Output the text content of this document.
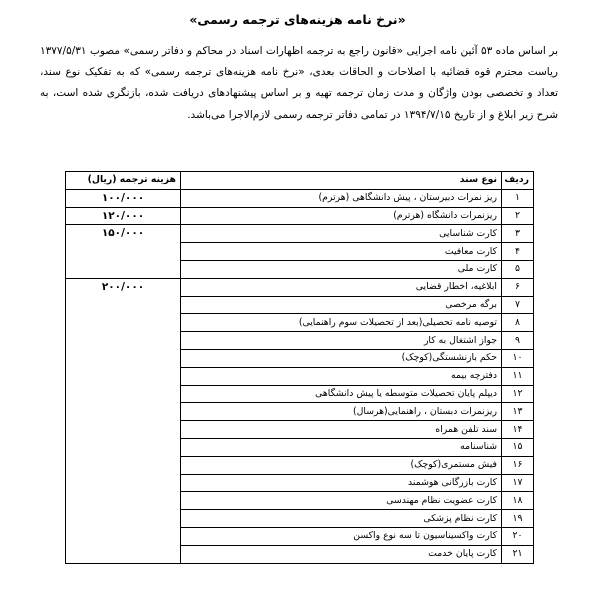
«نرخ نامه هزینه‌های ترجمه رسمی»

بر اساس ماده ۵۳ آئین نامه اجرایی «قانون راجع به ترجمه اظهارات اسناد در محاکم و دفاتر رسمی» مصوب ۱۳۷۷/۵/۳۱ ریاست محترم قوه قضائیه با اصلاحات و الحاقات بعدی، «نرخ نامه هزینه‌های ترجمه رسمی» که به تفکیک نوع سند، تعداد و تخصصی بودن واژگان و مدت زمان ترجمه تهیه و بر اساس پیشنهادهای دریافت شده، بازنگری شده است، به شرح زیر ابلاغ و از تاریخ ۱۳۹۴/۷/۱۵ در تمامی دفاتر ترجمه رسمی لازم‌الاجرا می‌باشد.

ردیف	نوع سند	هزینه ترجمه (ریال)
۱	ریز نمرات دبیرستان ، پیش دانشگاهی (هرترم)	۱۰۰/۰۰۰
۲	ریزنمرات دانشگاه (هرترم)	۱۲۰/۰۰۰
۳	کارت شناسایی	۱۵۰/۰۰۰
۴	کارت معافیت	
۵	کارت ملی	
۶	ابلاغیه، اخطار قضایی	۲۰۰/۰۰۰
۷	برگه مرخصی	
۸	توصیه نامه تحصیلی(بعد از تحصیلات سوم راهنمایی)	
۹	جواز اشتغال به کار	
۱۰	حکم بازنشستگی(کوچک)	
۱۱	دفترچه بیمه	
۱۲	دیپلم پایان تحصیلات متوسطه یا پیش دانشگاهی	
۱۳	ریزنمرات دبستان ، راهنمایی(هرسال)	
۱۴	سند تلفن همراه	
۱۵	شناسنامه	
۱۶	فیش مستمری(کوچک)	
۱۷	کارت بازرگانی هوشمند	
۱۸	کارت عضویت نظام مهندسی	
۱۹	کارت نظام پزشکی	
۲۰	کارت واکسیناسیون تا سه نوع واکسن	
۲۱	کارت پایان خدمت	
